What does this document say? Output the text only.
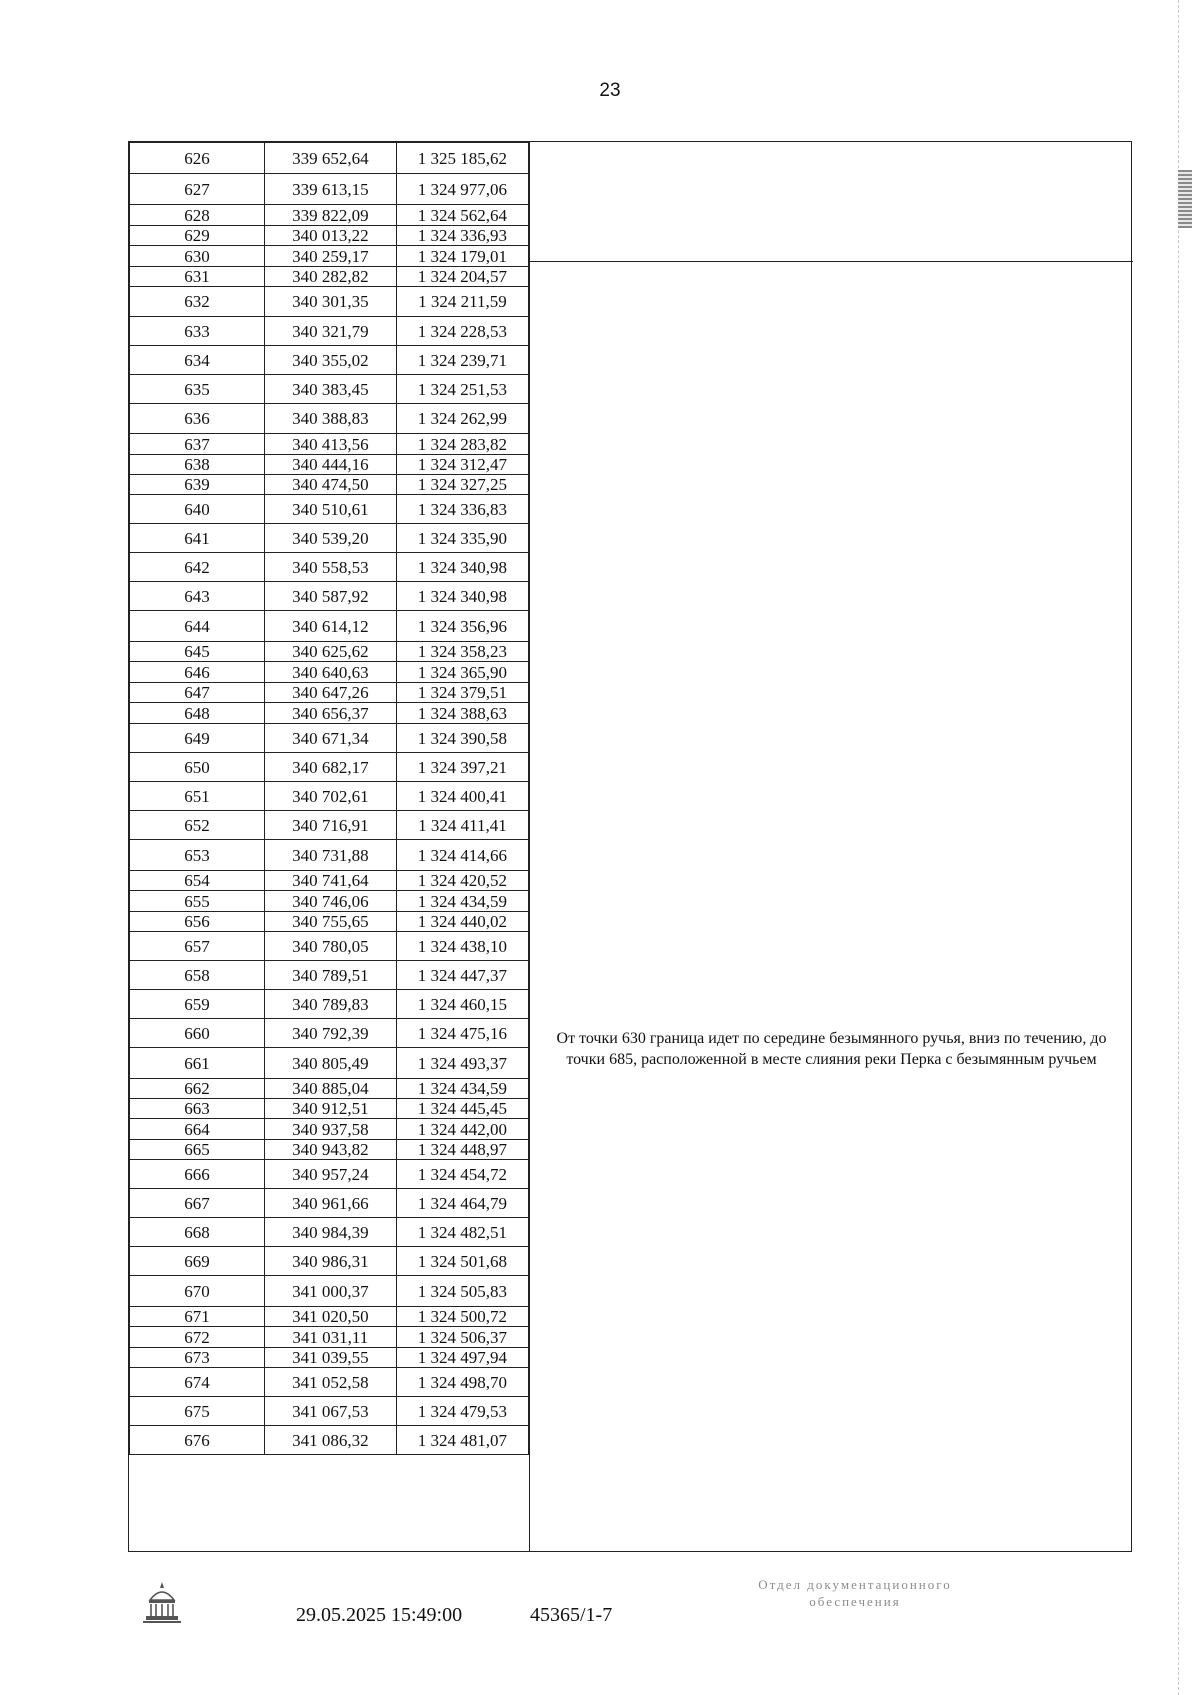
23
626	339 652,64	1 325 185,62
627	339 613,15	1 324 977,06
628	339 822,09	1 324 562,64
629	340 013,22	1 324 336,93
630	340 259,17	1 324 179,01
631	340 282,82	1 324 204,57
632	340 301,35	1 324 211,59
633	340 321,79	1 324 228,53
634	340 355,02	1 324 239,71
635	340 383,45	1 324 251,53
636	340 388,83	1 324 262,99
637	340 413,56	1 324 283,82
638	340 444,16	1 324 312,47
639	340 474,50	1 324 327,25
640	340 510,61	1 324 336,83
641	340 539,20	1 324 335,90
642	340 558,53	1 324 340,98
643	340 587,92	1 324 340,98
644	340 614,12	1 324 356,96
645	340 625,62	1 324 358,23
646	340 640,63	1 324 365,90
647	340 647,26	1 324 379,51
648	340 656,37	1 324 388,63
649	340 671,34	1 324 390,58
650	340 682,17	1 324 397,21
651	340 702,61	1 324 400,41
652	340 716,91	1 324 411,41
653	340 731,88	1 324 414,66
654	340 741,64	1 324 420,52
655	340 746,06	1 324 434,59
656	340 755,65	1 324 440,02
657	340 780,05	1 324 438,10
658	340 789,51	1 324 447,37
659	340 789,83	1 324 460,15
660	340 792,39	1 324 475,16
661	340 805,49	1 324 493,37
662	340 885,04	1 324 434,59
663	340 912,51	1 324 445,45
664	340 937,58	1 324 442,00
665	340 943,82	1 324 448,97
666	340 957,24	1 324 454,72
667	340 961,66	1 324 464,79
668	340 984,39	1 324 482,51
669	340 986,31	1 324 501,68
670	341 000,37	1 324 505,83
671	341 020,50	1 324 500,72
672	341 031,11	1 324 506,37
673	341 039,55	1 324 497,94
674	341 052,58	1 324 498,70
675	341 067,53	1 324 479,53
676	341 086,32	1 324 481,07
От точки 630 граница идет по середине безымянного ручья, вниз по течению, до точки 685, расположенной в месте слияния реки Перка с безымянным ручьем
29.05.2025 15:49:00	45365/1-7
Отдел документационного
обеспечения
